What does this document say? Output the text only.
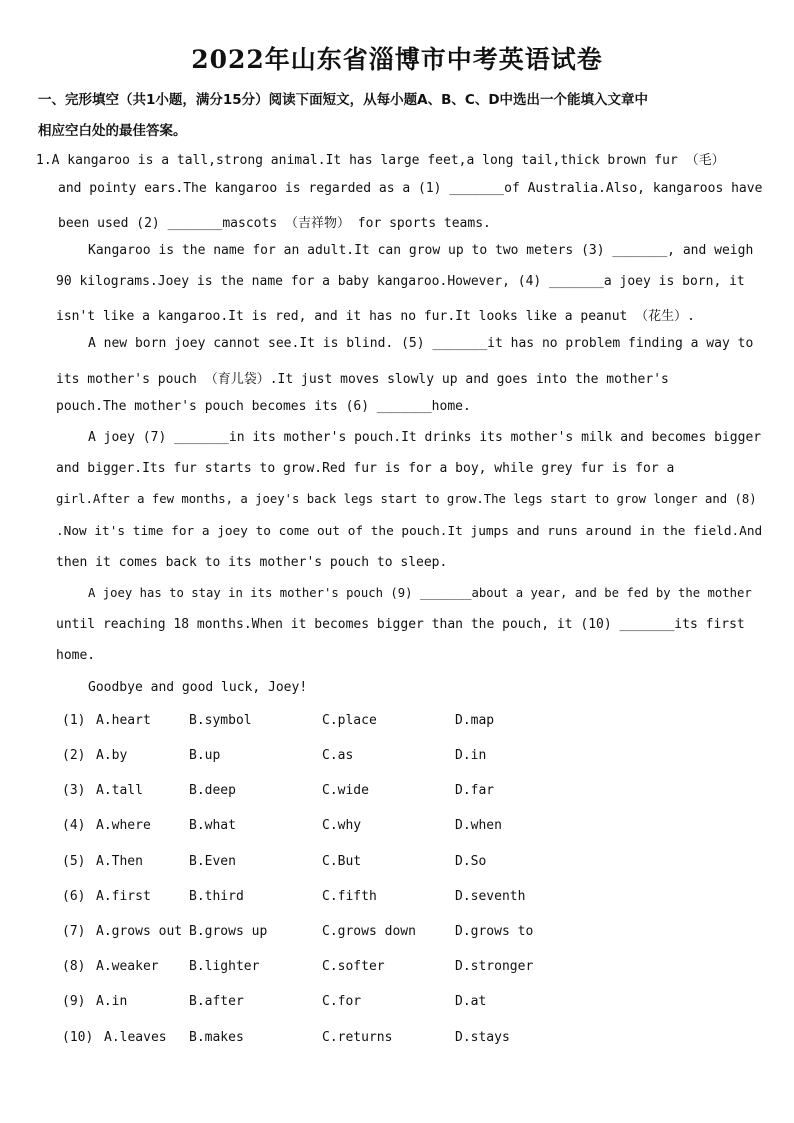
2022年山东省淄博市中考英语试卷
一、完形填空（共1小题，满分15分）阅读下面短文，从每小题A、B、C、D中选出一个能填入文章中
相应空白处的最佳答案。
1.A kangaroo is a tall,strong animal.It has large feet,a long tail,thick brown fur （毛）
and pointy ears.The kangaroo is regarded as a (1) _______of Australia.Also, kangaroos have
been used (2) _______mascots （吉祥物） for sports teams.
Kangaroo is the name for an adult.It can grow up to two meters (3) _______, and weigh
90 kilograms.Joey is the name for a baby kangaroo.However, (4) _______a joey is born, it
isn't like a kangaroo.It is red, and it has no fur.It looks like a peanut （花生）.
A new born joey cannot see.It is blind. (5) _______it has no problem finding a way to
its mother's pouch （育儿袋）.It just moves slowly up and goes into the mother's
pouch.The mother's pouch becomes its (6) _______home.
A joey (7) _______in its mother's pouch.It drinks its mother's milk and becomes bigger
and bigger.Its fur starts to grow.Red fur is for a boy, while grey fur is for a
girl.After a few months, a joey's back legs start to grow.The legs start to grow longer and (8)
.Now it's time for a joey to come out of the pouch.It jumps and runs around in the field.And
then it comes back to its mother's pouch to sleep.
A joey has to stay in its mother's pouch (9) _______about a year, and be fed by the mother
until reaching 18 months.When it becomes bigger than the pouch, it (10) _______its first
home.
Goodbye and good luck, Joey!
(1) A.heart	B.symbol	C.place	D.map
(2) A.by	B.up	C.as	D.in
(3) A.tall	B.deep	C.wide	D.far
(4) A.where	B.what	C.why	D.when
(5) A.Then	B.Even	C.But	D.So
(6) A.first	B.third	C.fifth	D.seventh
(7) A.grows out B.grows up	C.grows down	D.grows to
(8) A.weaker B.lighter	C.softer	D.stronger
(9) A.in	B.after	C.for	D.at
(10) A.leaves B.makes	C.returns	D.stays
